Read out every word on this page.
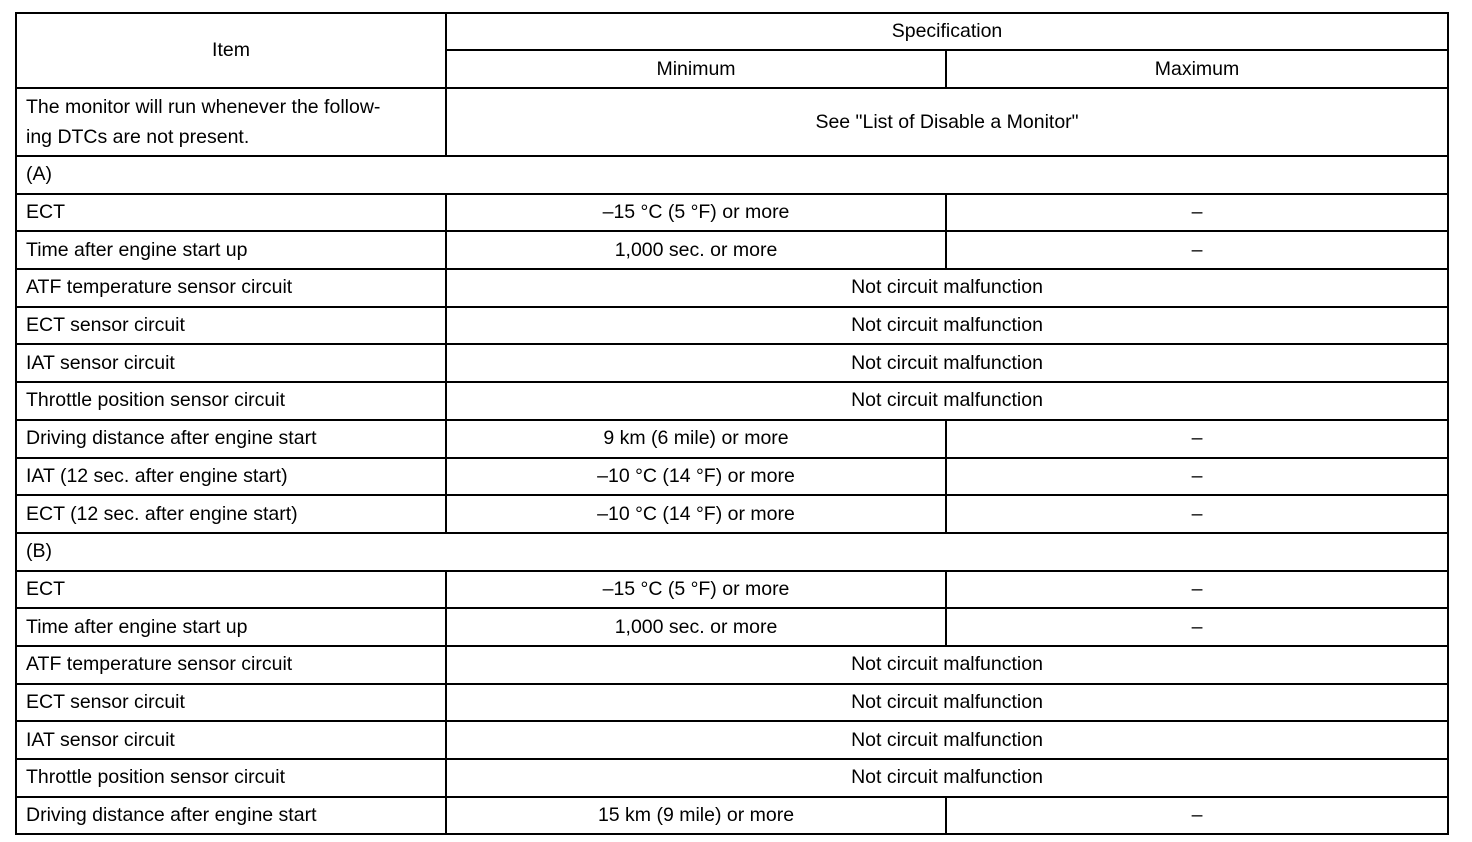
Item	Specification	
	Minimum	Maximum

The monitor will run whenever the follow-
ing DTCs are not present.	See "List of Disable a Monitor"	
(A)		
ECT	–15 °C (5 °F) or more	–
Time after engine start up	1,000 sec. or more	–
ATF temperature sensor circuit	Not circuit malfunction	
ECT sensor circuit	Not circuit malfunction	
IAT sensor circuit	Not circuit malfunction	
Throttle position sensor circuit	Not circuit malfunction	
Driving distance after engine start	9 km (6 mile) or more	–
IAT (12 sec. after engine start)	–10 °C (14 °F) or more	–
ECT (12 sec. after engine start)	–10 °C (14 °F) or more	–
(B)		
ECT	–15 °C (5 °F) or more	–
Time after engine start up	1,000 sec. or more	–
ATF temperature sensor circuit	Not circuit malfunction	
ECT sensor circuit	Not circuit malfunction	
IAT sensor circuit	Not circuit malfunction	
Throttle position sensor circuit	Not circuit malfunction	
Driving distance after engine start	15 km (9 mile) or more	–
